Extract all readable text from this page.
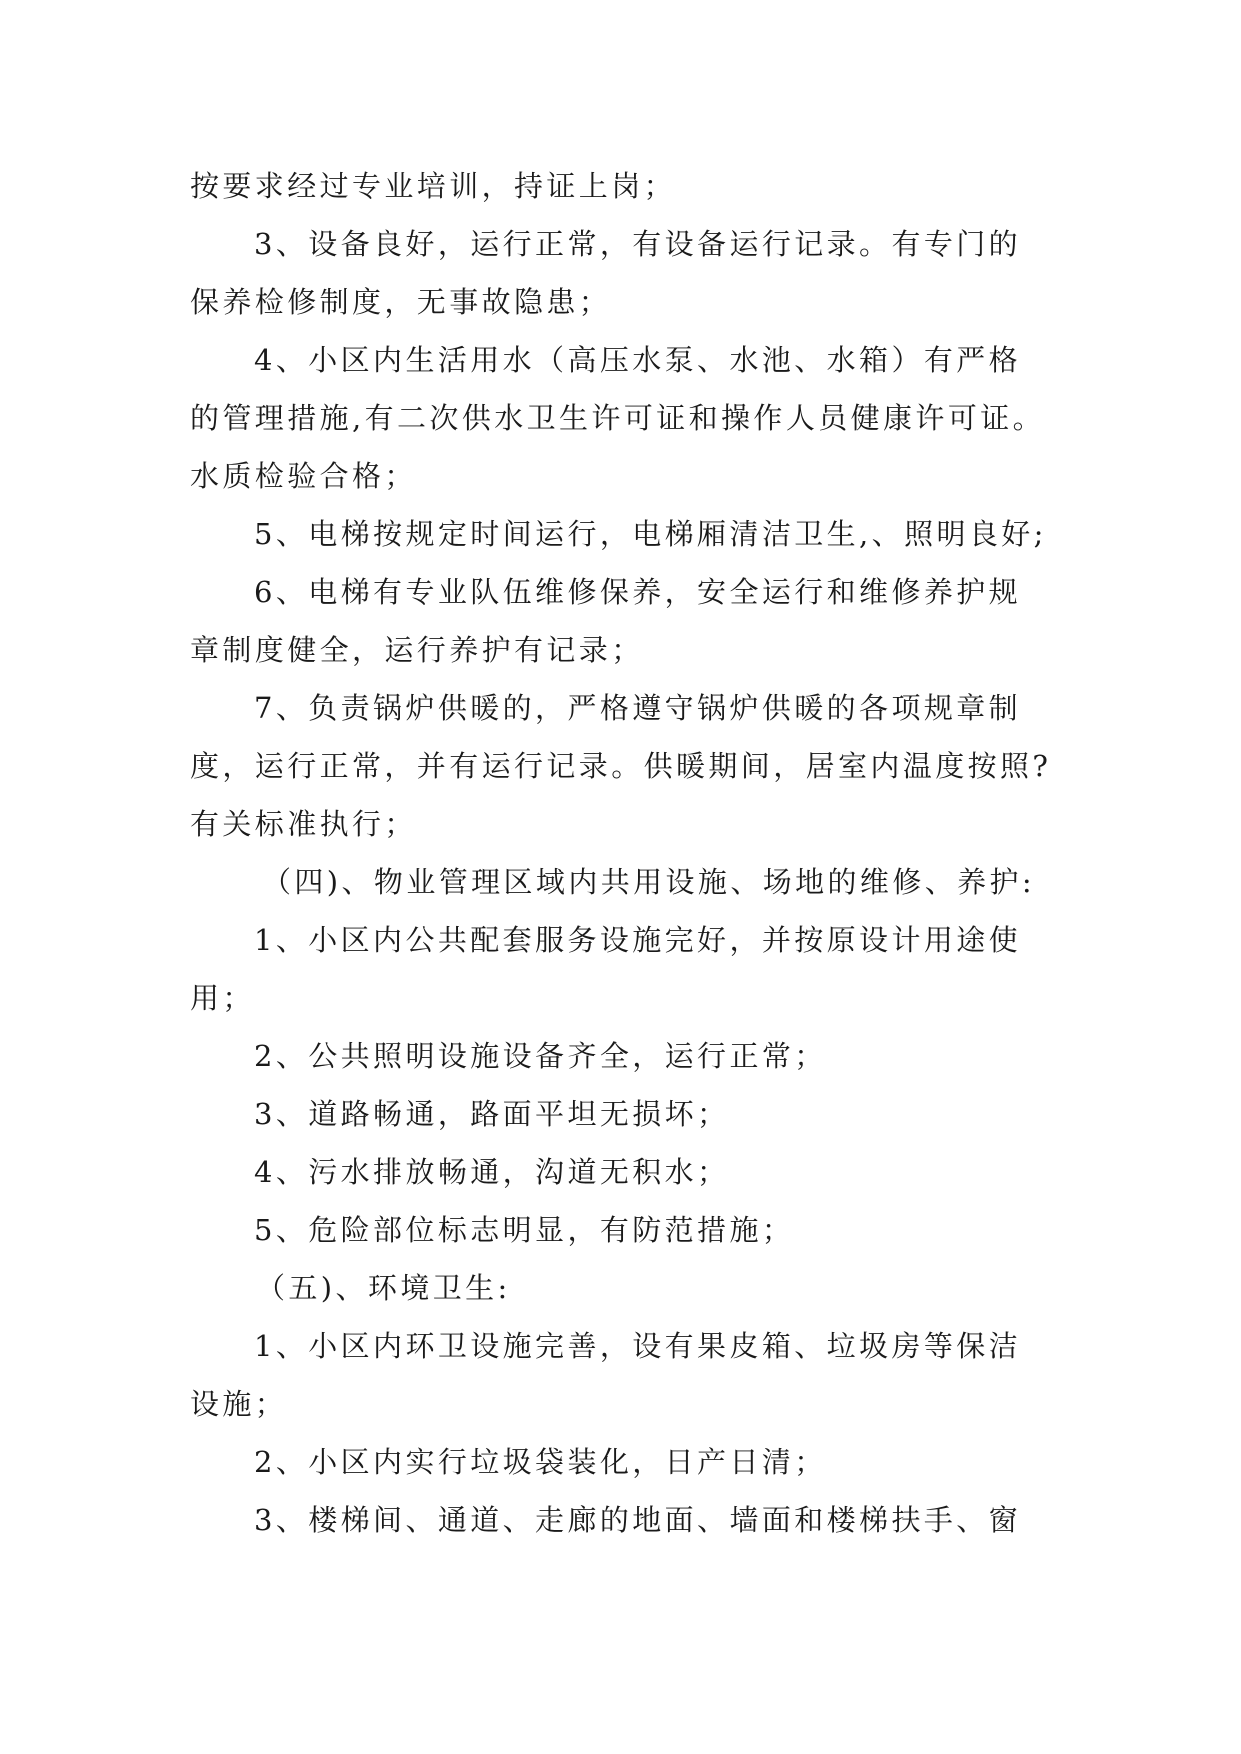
按要求经过专业培训，持证上岗；
3、设备良好，运行正常，有设备运行记录。有专门的
保养检修制度，无事故隐患；
4、小区内生活用水（高压水泵、水池、水箱）有严格
的管理措施,有二次供水卫生许可证和操作人员健康许可证。
水质检验合格；
5、电梯按规定时间运行，电梯厢清洁卫生,、照明良好;
6、电梯有专业队伍维修保养，安全运行和维修养护规
章制度健全，运行养护有记录；
7、负责锅炉供暖的，严格遵守锅炉供暖的各项规章制
度，运行正常，并有运行记录。供暖期间，居室内温度按照?
有关标准执行；
（四)、物业管理区域内共用设施、场地的维修、养护:
1、小区内公共配套服务设施完好，并按原设计用途使
用；
2、公共照明设施设备齐全，运行正常；
3、道路畅通，路面平坦无损坏；
4、污水排放畅通，沟道无积水；
5、危险部位标志明显，有防范措施；
（五)、环境卫生:
1、小区内环卫设施完善，设有果皮箱、垃圾房等保洁
设施；
2、小区内实行垃圾袋装化，日产日清；
3、楼梯间、通道、走廊的地面、墙面和楼梯扶手、窗
